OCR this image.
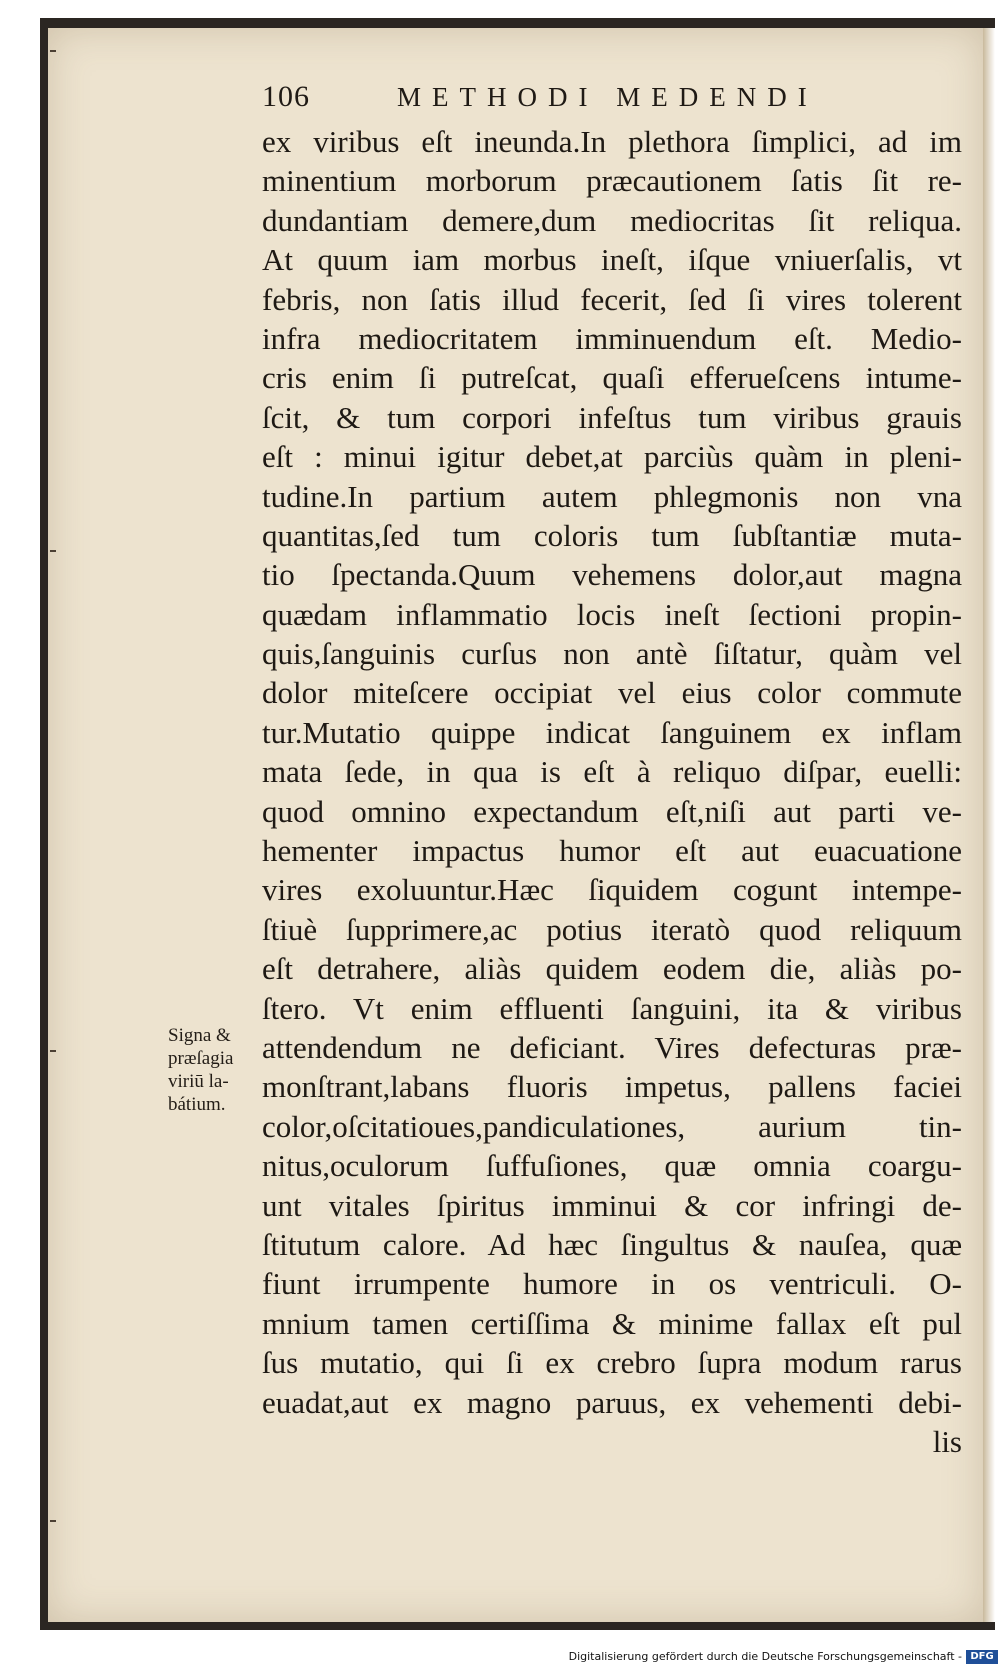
106	METHODI MEDENDI
Signa &
præſagia
viriū la-
bátium.
ex viribus eſt ineunda.In plethora ſimplici, ad im
minentium morborum præcautionem ſatis ſit re-
dundantiam demere,dum mediocritas ſit reliqua.
At quum iam morbus ineſt, iſque vniuerſalis, vt
febris, non ſatis illud fecerit, ſed ſi vires tolerent
infra mediocritatem imminuendum eſt. Medio-
cris enim ſi putreſcat, quaſi efferueſcens intume-
ſcit, & tum corpori infeſtus tum viribus grauis
eſt : minui igitur debet,at parciùs quàm in pleni-
tudine.In partium autem phlegmonis non vna
quantitas,ſed tum coloris tum ſubſtantiæ muta-
tio ſpectanda.Quum vehemens dolor,aut magna
quædam inflammatio locis ineſt ſectioni propin-
quis,ſanguinis curſus non antè ſiſtatur, quàm vel
dolor miteſcere occipiat vel eius color commute
tur.Mutatio quippe indicat ſanguinem ex inflam
mata ſede, in qua is eſt à reliquo diſpar, euelli:
quod omnino expectandum eſt,niſi aut parti ve-
hementer impactus humor eſt aut euacuatione
vires exoluuntur.Hæc ſiquidem cogunt intempe-
ſtiuè ſupprimere,ac potius iteratò quod reliquum
eſt detrahere, aliàs quidem eodem die, aliàs po-
ſtero. Vt enim effluenti ſanguini, ita & viribus
attendendum ne deficiant. Vires defecturas præ-
monſtrant,labans fluoris impetus, pallens faciei
color,oſcitatioues,pandiculationes, aurium tin-
nitus,oculorum ſuffuſiones, quæ omnia coargu-
unt vitales ſpiritus imminui & cor infringi de-
ſtitutum calore. Ad hæc ſingultus & nauſea, quæ
fiunt irrumpente humore in os ventriculi. O-
mnium tamen certiſſima & minime fallax eſt pul
ſus mutatio, qui ſi ex crebro ſupra modum rarus
euadat,aut ex magno paruus, ex vehementi debi-
lis
Digitalisierung gefördert durch die Deutsche Forschungsgemeinschaft - DFG
